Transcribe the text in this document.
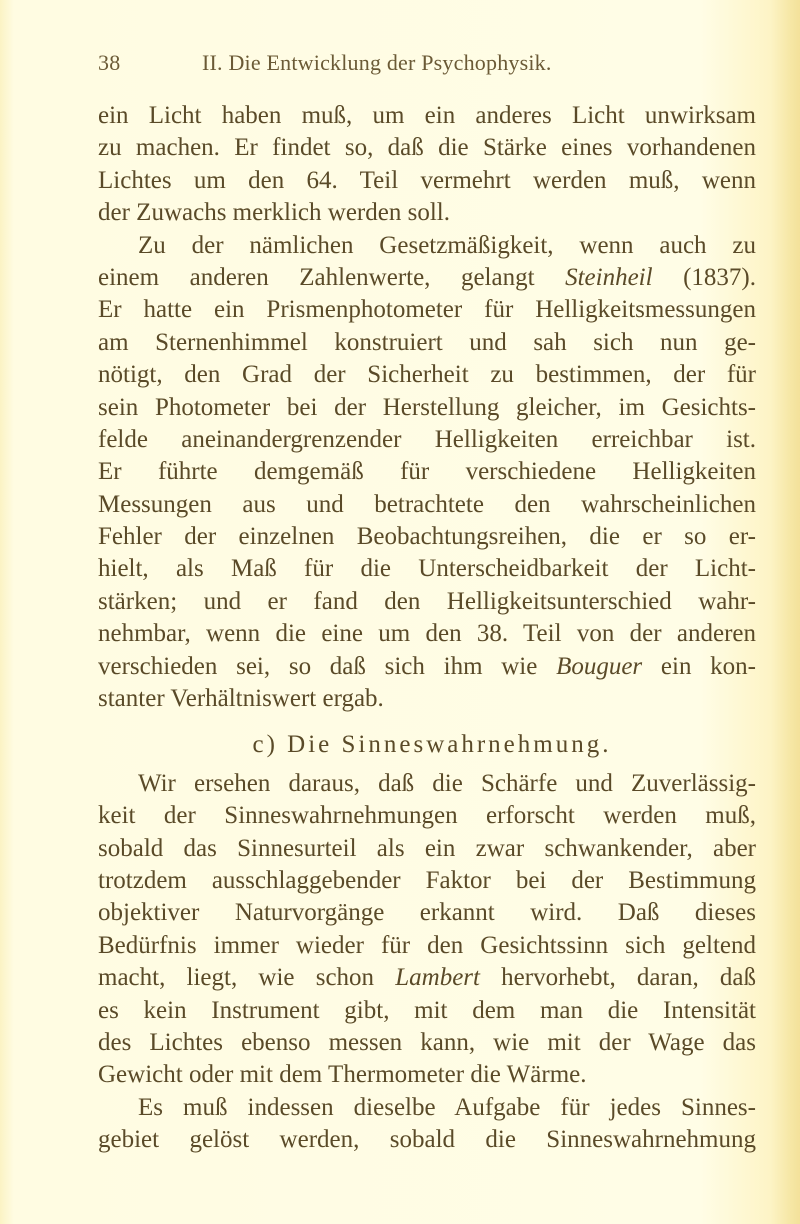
38	II. Die Entwicklung der Psychophysik.
ein Licht haben muß, um ein anderes Licht unwirksam
zu machen. Er findet so, daß die Stärke eines vorhandenen
Lichtes um den 64. Teil vermehrt werden muß, wenn
der Zuwachs merklich werden soll.
Zu der nämlichen Gesetzmäßigkeit, wenn auch zu
einem anderen Zahlenwerte, gelangt Steinheil (1837).
Er hatte ein Prismenphotometer für Helligkeitsmessungen
am Sternenhimmel konstruiert und sah sich nun ge-
nötigt, den Grad der Sicherheit zu bestimmen, der für
sein Photometer bei der Herstellung gleicher, im Gesichts-
felde aneinandergrenzender Helligkeiten erreichbar ist.
Er führte demgemäß für verschiedene Helligkeiten
Messungen aus und betrachtete den wahrscheinlichen
Fehler der einzelnen Beobachtungsreihen, die er so er-
hielt, als Maß für die Unterscheidbarkeit der Licht-
stärken; und er fand den Helligkeitsunterschied wahr-
nehmbar, wenn die eine um den 38. Teil von der anderen
verschieden sei, so daß sich ihm wie Bouguer ein kon-
stanter Verhältniswert ergab.
c) Die Sinneswahrnehmung.
Wir ersehen daraus, daß die Schärfe und Zuverlässig-
keit der Sinneswahrnehmungen erforscht werden muß,
sobald das Sinnesurteil als ein zwar schwankender, aber
trotzdem ausschlaggebender Faktor bei der Bestimmung
objektiver Naturvorgänge erkannt wird. Daß dieses
Bedürfnis immer wieder für den Gesichtssinn sich geltend
macht, liegt, wie schon Lambert hervorhebt, daran, daß
es kein Instrument gibt, mit dem man die Intensität
des Lichtes ebenso messen kann, wie mit der Wage das
Gewicht oder mit dem Thermometer die Wärme.
Es muß indessen dieselbe Aufgabe für jedes Sinnes-
gebiet gelöst werden, sobald die Sinneswahrnehmung
